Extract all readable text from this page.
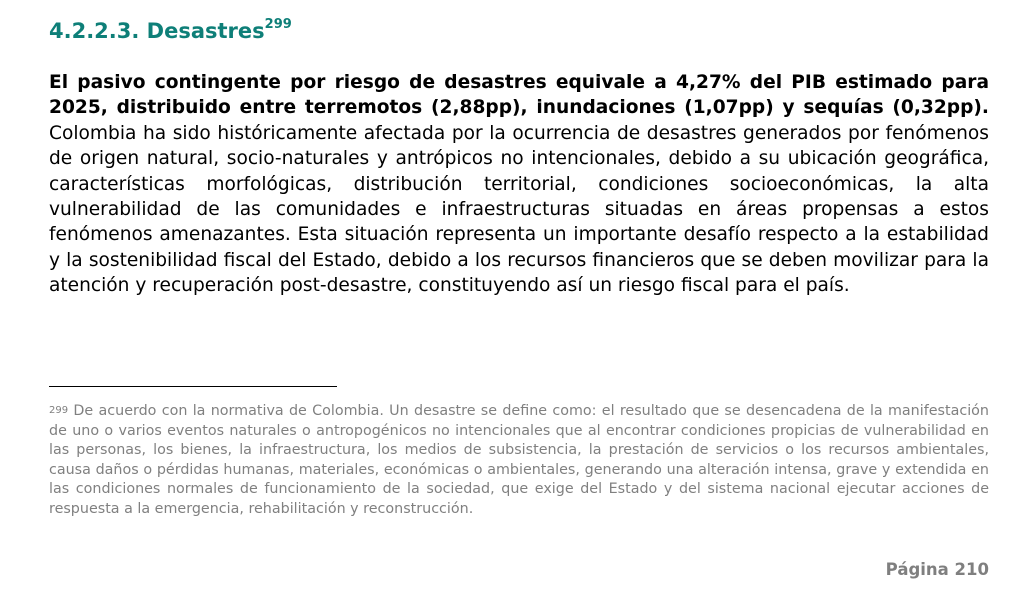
4.2.2.3. Desastres$^{299}$

El pasivo contingente por riesgo de desastres equivale a 4,27% del PIB estimado para 2025, distribuido entre terremotos (2,88pp), inundaciones (1,07pp) y sequías (0,32pp). Colombia ha sido históricamente afectada por la ocurrencia de desastres generados por fenómenos de origen natural, socio-naturales y antrópicos no intencionales, debido a su ubicación geográfica, características morfológicas, distribución territorial, condiciones socioeconómicas, la alta vulnerabilidad de las comunidades e infraestructuras situadas en áreas propensas a estos fenómenos amenazantes. Esta situación representa un importante desafío respecto a la estabilidad y la sostenibilidad fiscal del Estado, debido a los recursos financieros que se deben movilizar para la atención y recuperación post-desastre, constituyendo así un riesgo fiscal para el país.

$^{299}$ De acuerdo con la normativa de Colombia. Un desastre se define como: el resultado que se desencadena de la manifestación de uno o varios eventos naturales o antropogénicos no intencionales que al encontrar condiciones propicias de vulnerabilidad en las personas, los bienes, la infraestructura, los medios de subsistencia, la prestación de servicios o los recursos ambientales, causa daños o pérdidas humanas, materiales, económicas o ambientales, generando una alteración intensa, grave y extendida en las condiciones normales de funcionamiento de la sociedad, que exige del Estado y del sistema nacional ejecutar acciones de respuesta a la emergencia, rehabilitación y reconstrucción.

Página 210
